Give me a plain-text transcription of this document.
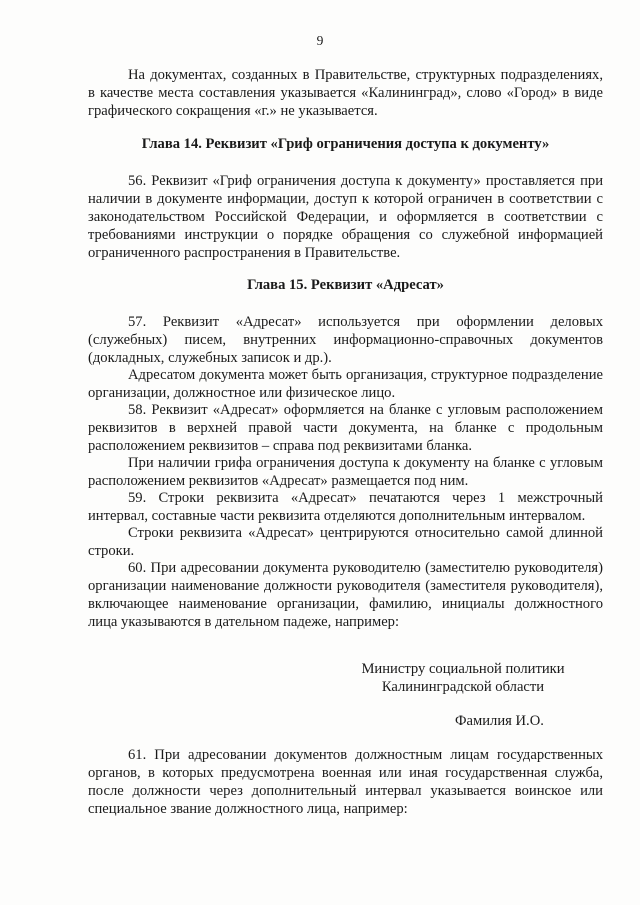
9

На документах, созданных в Правительстве, структурных подразделениях, в качестве места составления указывается «Калининград», слово «Город» в виде графического сокращения «г.» не указывается.

Глава 14. Реквизит «Гриф ограничения доступа к документу»

56. Реквизит «Гриф ограничения доступа к документу» проставляется при наличии в документе информации, доступ к которой ограничен в соответствии с законодательством Российской Федерации, и оформляется в соответствии с требованиями инструкции о порядке обращения со служебной информацией ограниченного распространения в Правительстве.

Глава 15. Реквизит «Адресат»

57. Реквизит «Адресат» используется при оформлении деловых (служебных) писем, внутренних информационно-справочных документов (докладных, служебных записок и др.).

Адресатом документа может быть организация, структурное подразделение организации, должностное или физическое лицо.

58. Реквизит «Адресат» оформляется на бланке с угловым расположением реквизитов в верхней правой части документа, на бланке с продольным расположением реквизитов – справа под реквизитами бланка.

При наличии грифа ограничения доступа к документу на бланке с угловым расположением реквизитов «Адресат» размещается под ним.

59. Строки реквизита «Адресат» печатаются через 1 межстрочный интервал, составные части реквизита отделяются дополнительным интервалом.

Строки реквизита «Адресат» центрируются относительно самой длинной строки.

60. При адресовании документа руководителю (заместителю руководителя) организации наименование должности руководителя (заместителя руководителя), включающее наименование организации, фамилию, инициалы должностного лица указываются в дательном падеже, например:

Министру социальной политики

Калининградской области

Фамилия И.О.

61. При адресовании документов должностным лицам государственных органов, в которых предусмотрена военная или иная государственная служба, после должности через дополнительный интервал указывается воинское или специальное звание должностного лица, например:
